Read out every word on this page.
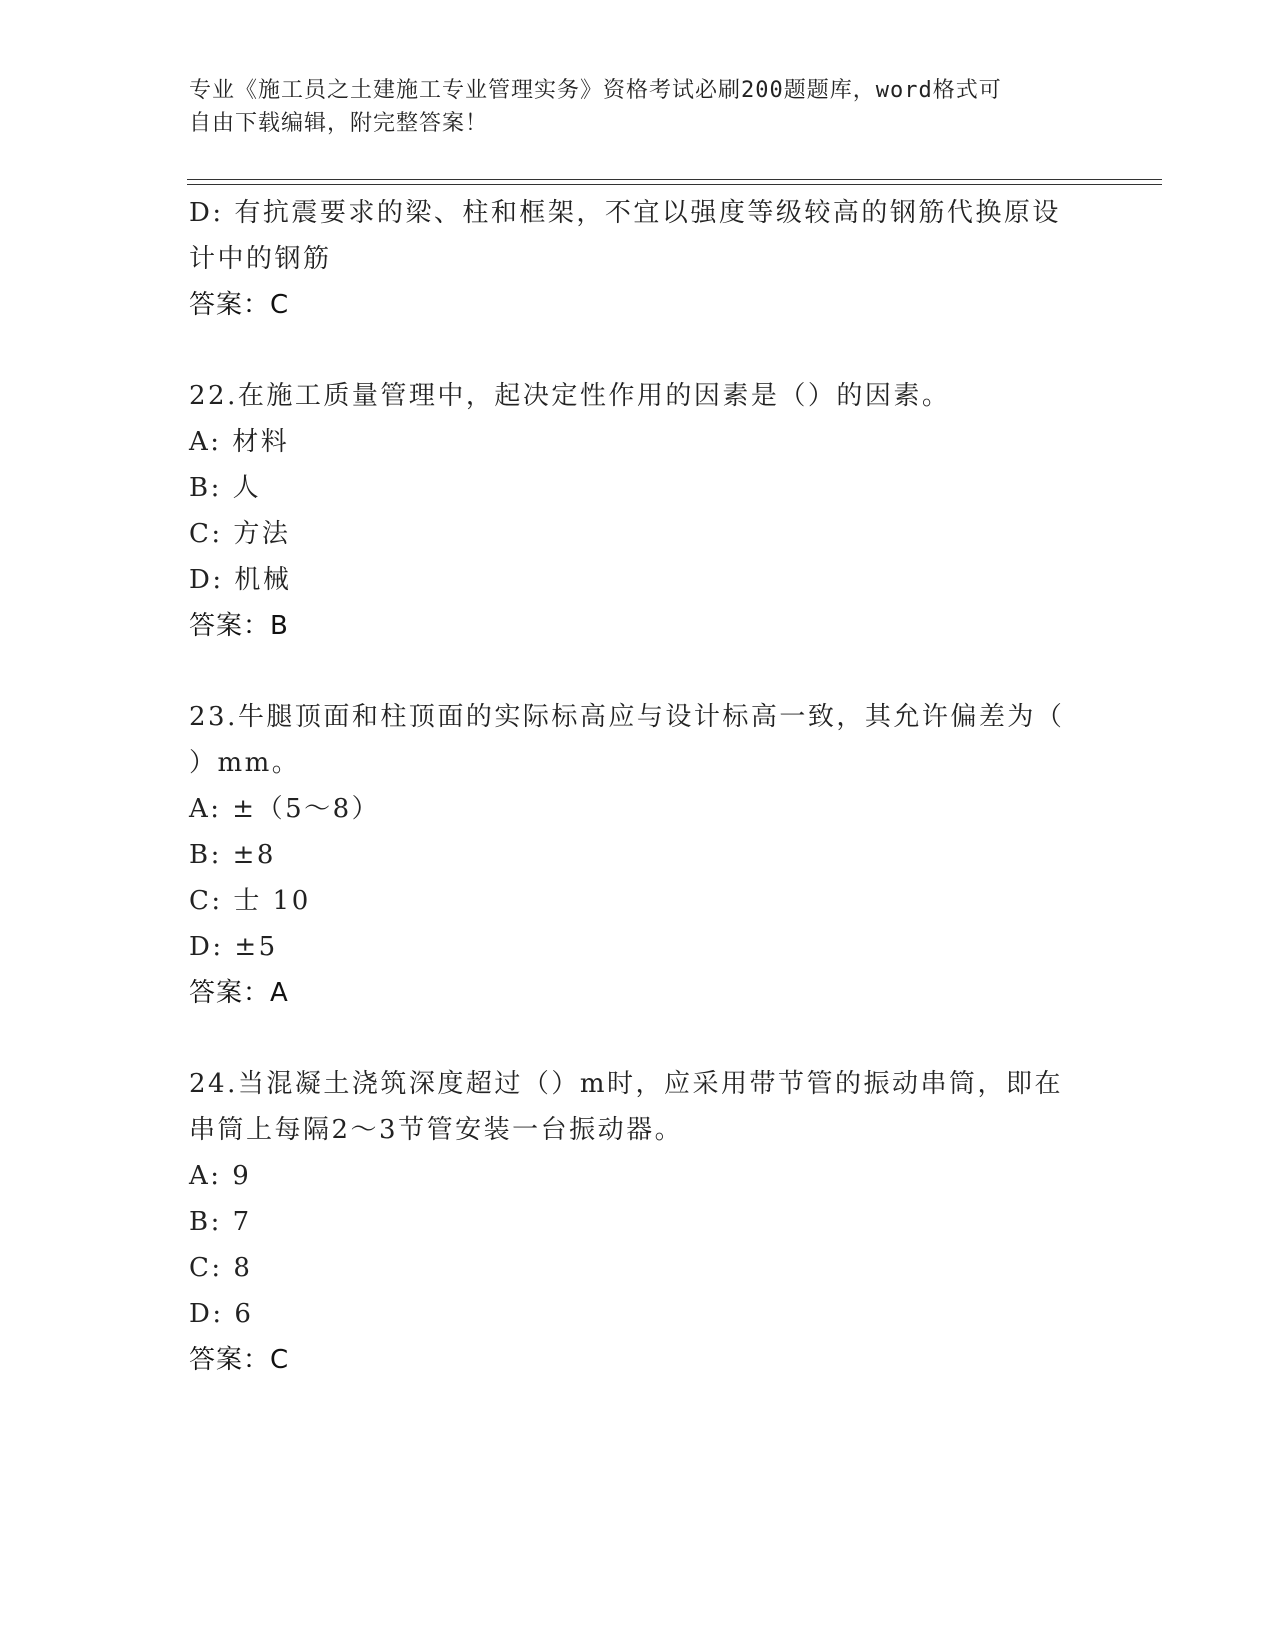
专业《施工员之土建施工专业管理实务》资格考试必刷200题题库，word格式可
自由下载编辑，附完整答案！
D: 有抗震要求的梁、柱和框架，不宜以强度等级较高的钢筋代换原设
计中的钢筋
答案：C
22.在施工质量管理中，起决定性作用的因素是（）的因素。
A: 材料
B: 人
C: 方法
D: 机械
答案：B
23.牛腿顶面和柱顶面的实际标高应与设计标高一致，其允许偏差为（
）mm。
A: ±（5～8）
B: ±8
C: 士 10
D: ±5
答案：A
24.当混凝土浇筑深度超过（）m时，应采用带节管的振动串筒，即在
串筒上每隔2～3节管安装一台振动器。
A: 9
B: 7
C: 8
D: 6
答案：C
